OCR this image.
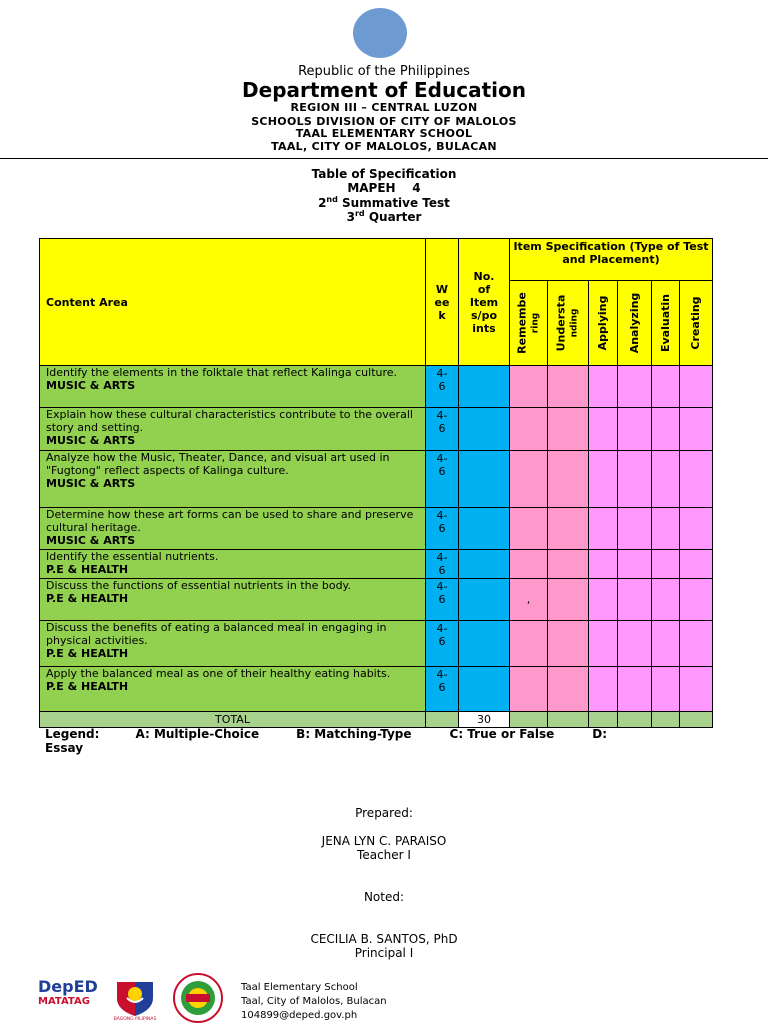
Republic of the Philippines
Department of Education
REGION III – CENTRAL LUZON
SCHOOLS DIVISION OF CITY OF MALOLOS
TAAL ELEMENTARY SCHOOL
TAAL, CITY OF MALOLOS, BULACAN
Table of Specification
MAPEH    4
2nd Summative Test
3rd Quarter
Content Area	W
ee
k	No.
of
Item
s/po
ints	Item Specification (Type of Test and Placement)					

			Remembe ring	Understa nding	Applying	Analyzing	Evaluatin	Creating

Identify the elements in the folktale that reflect Kalinga culture.
MUSIC & ARTS	4-6							
Explain how these cultural characteristics contribute to the overall story and setting.
MUSIC & ARTS	4-6							
Analyze how the Music, Theater, Dance, and visual art used in "Fugtong" reflect aspects of Kalinga culture.
MUSIC & ARTS	4-6							
Determine how these art forms can be used to share and preserve cultural heritage.
MUSIC & ARTS	4-6							
Identify the essential nutrients.
P.E & HEALTH	4-6							
Discuss the functions of essential nutrients in the body.
P.E & HEALTH	4-6		,					
Discuss the benefits of eating a balanced meal in engaging in physical activities.
P.E & HEALTH	4-6							
Apply the balanced meal as one of their healthy eating habits.
P.E & HEALTH	4-6							
TOTAL		30						
Legend:	A: Multiple-Choice	B: Matching-Type	C: True or False	D:
Essay
Prepared:
JENA LYN C. PARAISO
Teacher I
Noted:
CECILIA B. SANTOS, PhD
Principal I
DepED
MATATAG
BAGONG PILIPINAS
Taal Elementary School
Taal, City of Malolos, Bulacan
104899@deped.gov.ph
